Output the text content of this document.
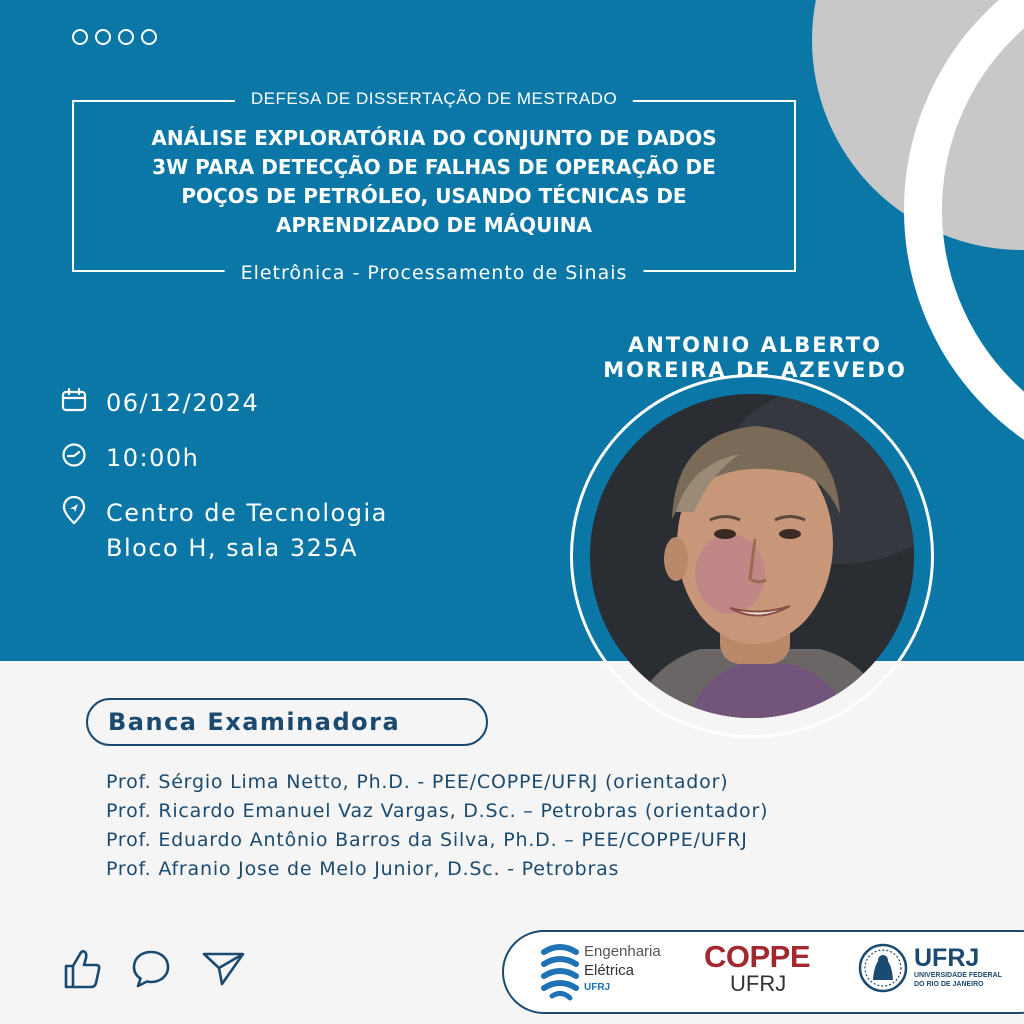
DEFESA DE DISSERTAÇÃO DE MESTRADO
ANÁLISE EXPLORATÓRIA DO CONJUNTO DE DADOS
3W PARA DETECÇÃO DE FALHAS DE OPERAÇÃO DE
POÇOS DE PETRÓLEO, USANDO TÉCNICAS DE
APRENDIZADO DE MÁQUINA
Eletrônica - Processamento de Sinais
06/12/2024
10:00h
Centro de Tecnologia
Bloco H, sala 325A
ANTONIO ALBERTO
MOREIRA DE AZEVEDO
Banca Examinadora
Prof. Sérgio Lima Netto, Ph.D. - PEE/COPPE/UFRJ (orientador)
Prof. Ricardo Emanuel Vaz Vargas, D.Sc. – Petrobras (orientador)
Prof. Eduardo Antônio Barros da Silva, Ph.D. – PEE/COPPE/UFRJ
Prof. Afranio Jose de Melo Junior, D.Sc. - Petrobras
Engenharia
Elétrica
UFRJ
COPPE
UFRJ
UFRJ
UNIVERSIDADE FEDERAL
DO RIO DE JANEIRO
